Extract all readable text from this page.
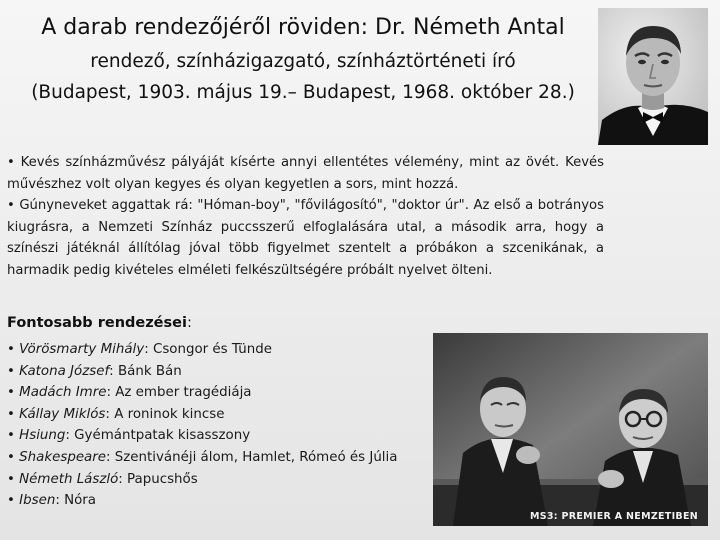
A darab rendezőjéről röviden: Dr. Németh Antal
rendező, színházigazgató, színháztörténeti író
(Budapest, 1903. május 19.– Budapest, 1968. október 28.)

• Kevés színházművész pályáját kísérte annyi ellentétes vélemény, mint az övét. Kevés művészhez volt olyan kegyes és olyan kegyetlen a sors, mint hozzá.

• Gúnyneveket aggattak rá: "Hóman-boy", "fővilágosító", "doktor úr". Az első a botrányos kiugrásra, a Nemzeti Színház puccsszerű elfoglalására utal, a második arra, hogy a színészi játéknál állítólag jóval több figyelmet szentelt a próbákon a szcenikának, a harmadik pedig kivételes elméleti felkészültségére próbált nyelvet ölteni.

Fontosabb rendezései:
• Vörösmarty Mihály: Csongor és Tünde
• Katona József: Bánk Bán
• Madách Imre: Az ember tragédiája
• Kállay Miklós: A roninok kincse
• Hsiung: Gyémántpatak kisasszony
• Shakespeare: Szentivánéji álom, Hamlet, Rómeó és Júlia
• Németh László: Papucshős
• Ibsen: Nóra
MS3: PREMIER A NEMZETIBEN
